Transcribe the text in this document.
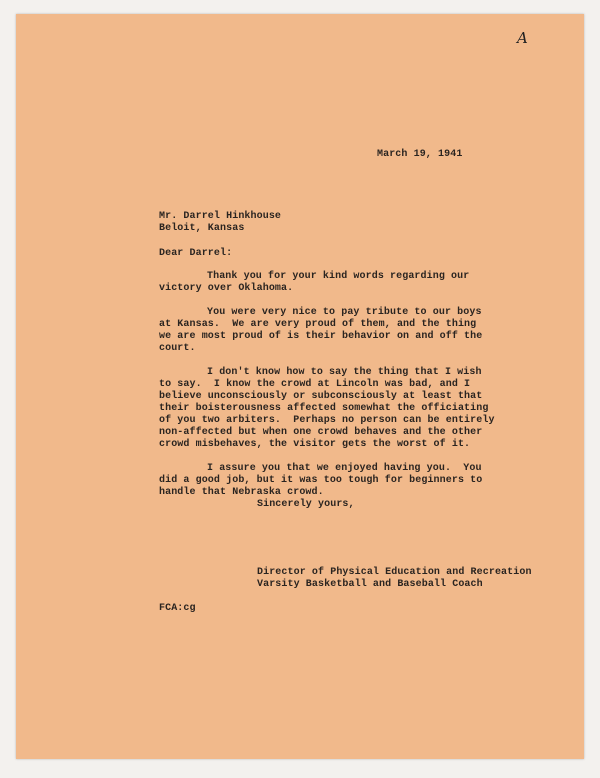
A

March 19, 1941

Mr. Darrel Hinkhouse

Beloit, Kansas

Dear Darrel:

Thank you for your kind words regarding our

victory over Oklahoma.

You were very nice to pay tribute to our boys

at Kansas.  We are very proud of them, and the thing

we are most proud of is their behavior on and off the

court.

I don't know how to say the thing that I wish

to say.  I know the crowd at Lincoln was bad, and I

believe unconsciously or subconsciously at least that

their boisterousness affected somewhat the officiating

of you two arbiters.  Perhaps no person can be entirely

non-affected but when one crowd behaves and the other

crowd misbehaves, the visitor gets the worst of it.

I assure you that we enjoyed having you.  You

did a good job, but it was too tough for beginners to

handle that Nebraska crowd.

Sincerely yours,

Director of Physical Education and Recreation

Varsity Basketball and Baseball Coach

FCA:cg
